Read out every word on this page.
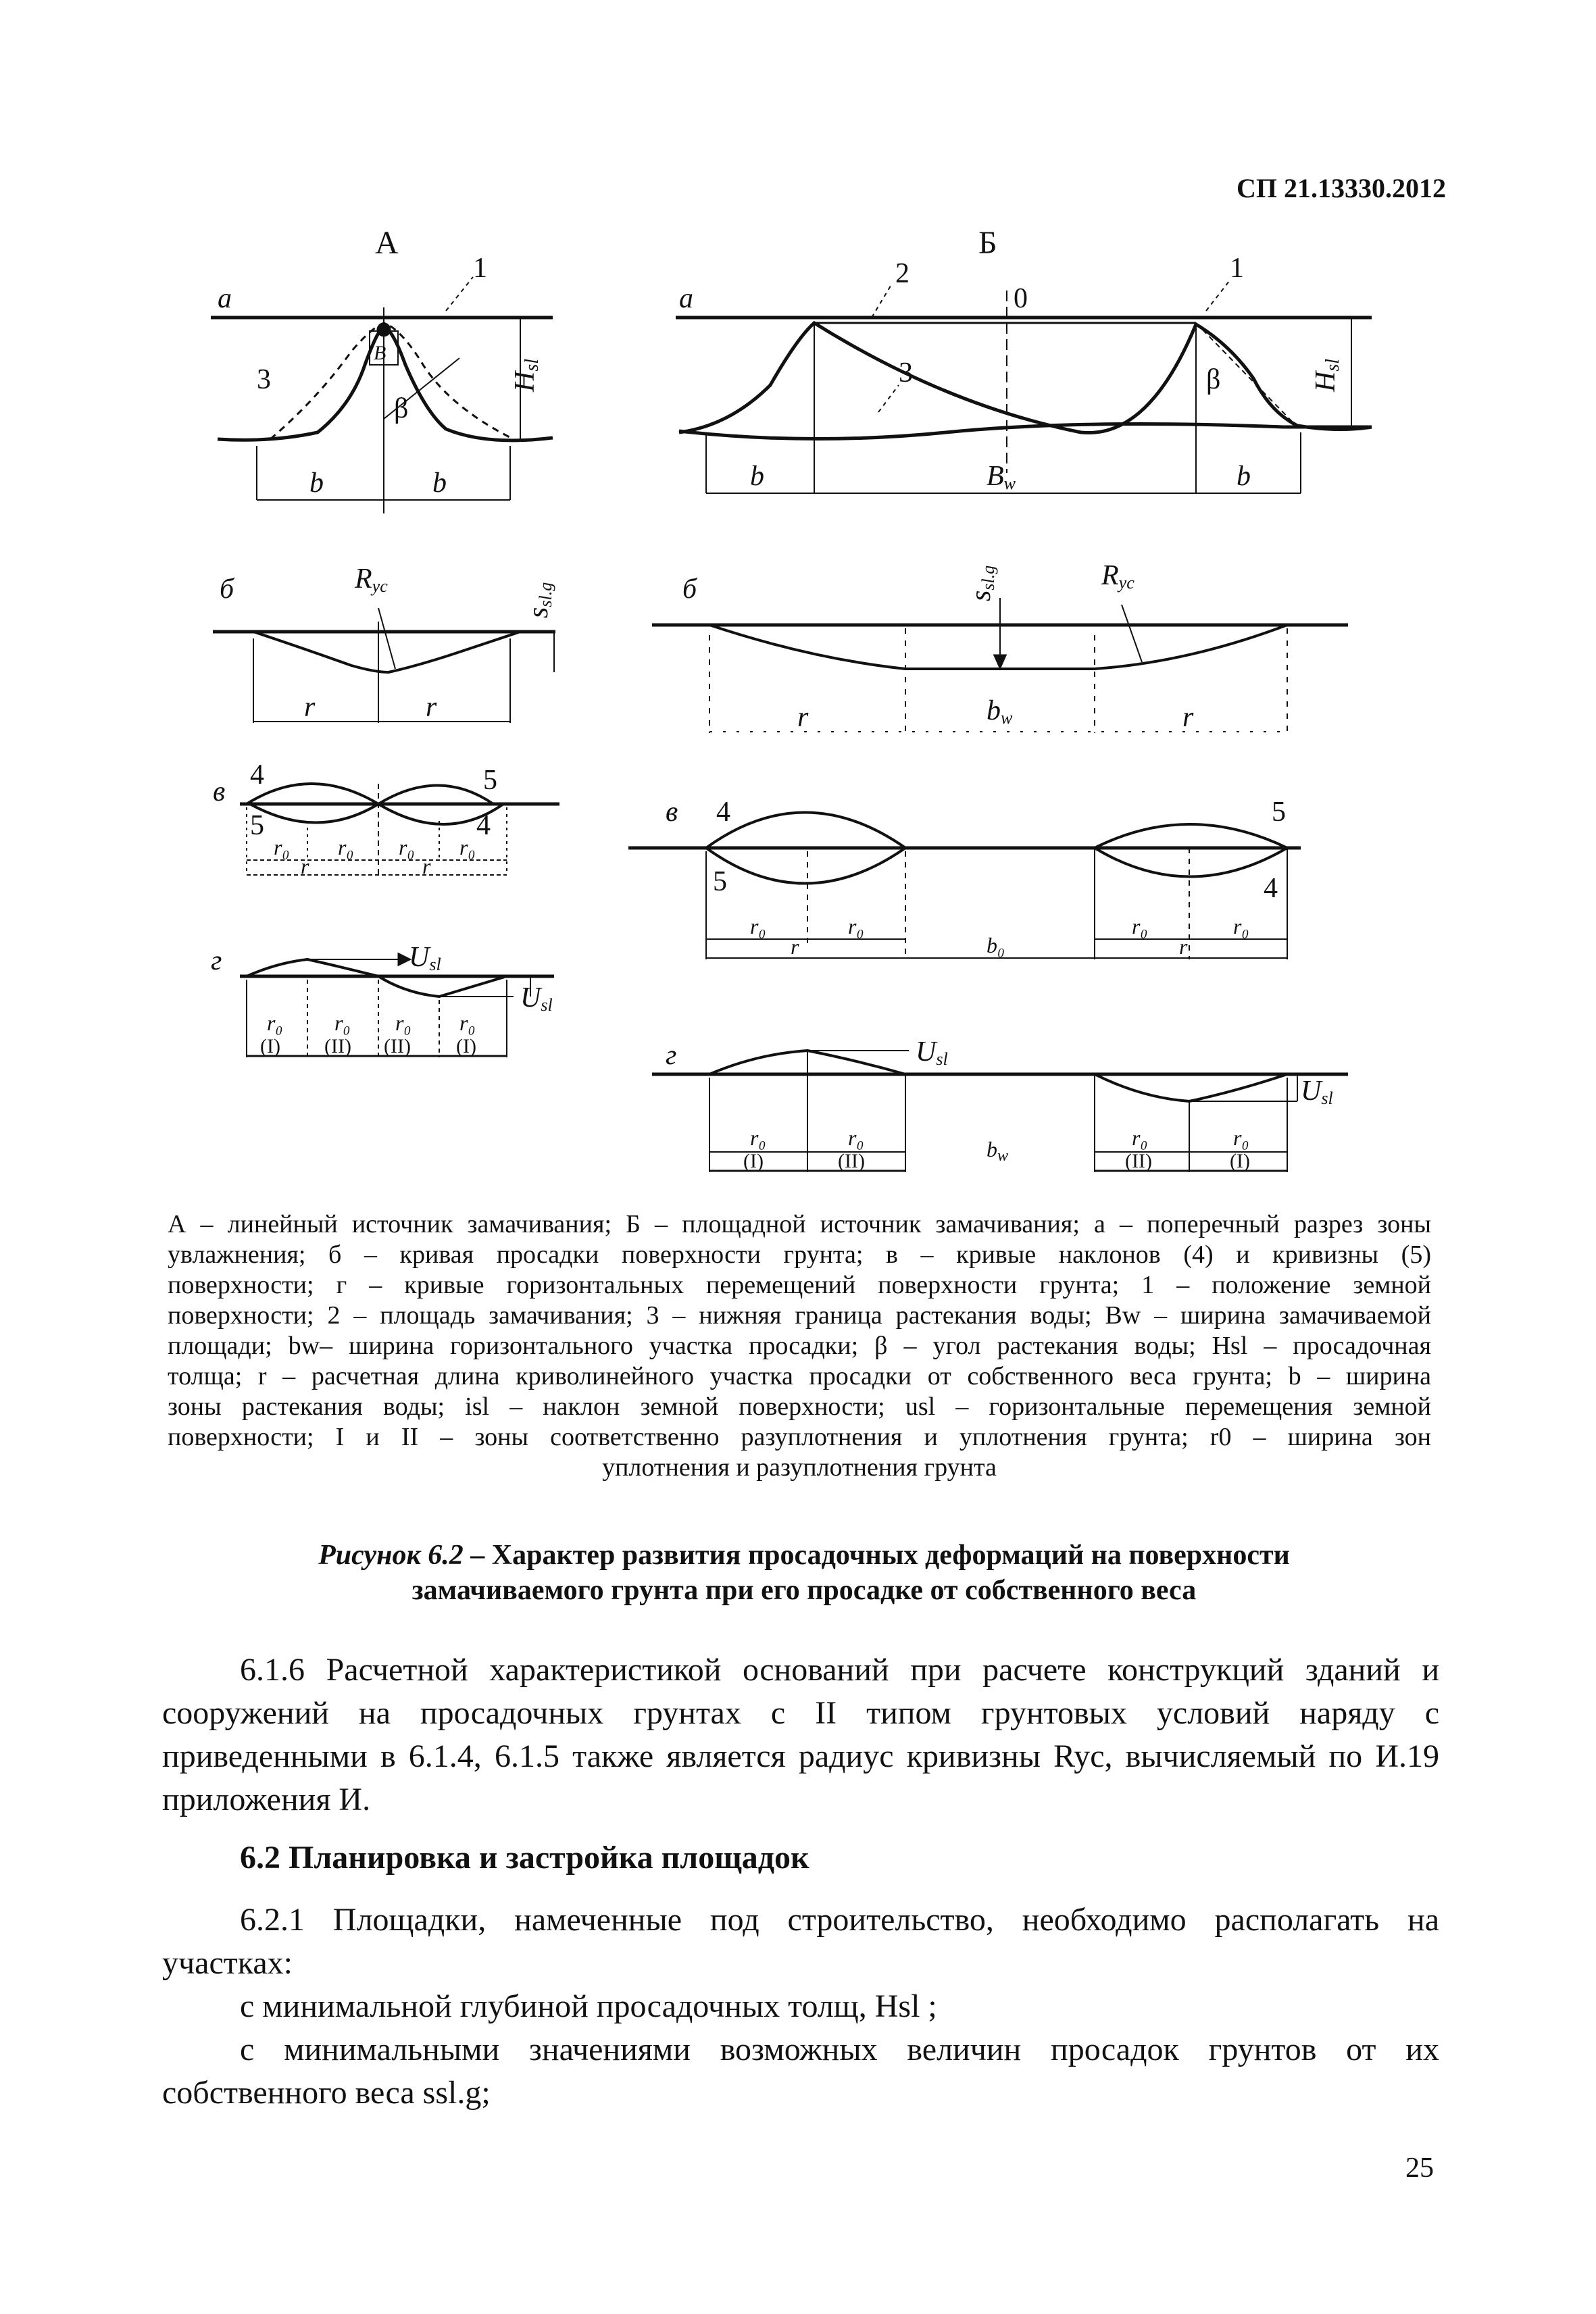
СП 21.13330.2012
А	Б
а
1
3
B
β
Hsl
b	b
а
2
0
1
3	β	Hsl
b	Bw	b
б	Ryc
ssl.g
r	r
б	ssl.g	Ryc
r	bw	r
в
4	5
5	4
r₀ r₀ r₀ r₀
r	r
в 4	5
5	4
r₀	r₀	r₀	r₀
r	b₀	r
г	Usl
Usl
r₀ r₀ r₀ r₀
(I) (II) (II) (I)	г	Usl
Usl
r₀	r₀	bw
r₀	r₀
(I)	(II)	(II)	(I)

А – линейный источник замачивания; Б – площадной источник замачивания; а – поперечный разрез зоны

увлажнения; б – кривая просадки поверхности грунта; в – кривые наклонов (4) и кривизны (5)

поверхности; г – кривые горизонтальных перемещений поверхности грунта; 1 – положение земной

поверхности; 2 – площадь замачивания; 3 – нижняя граница растекания воды; Bw – ширина замачиваемой

площади; bw– ширина горизонтального участка просадки; β – угол растекания воды; Hsl – просадочная

толща; r – расчетная длина криволинейного участка просадки от собственного веса грунта; b – ширина

зоны растекания воды; isl – наклон земной поверхности; usl – горизонтальные перемещения земной

поверхности; I и II – зоны соответственно разуплотнения и уплотнения грунта; r0 – ширина зон

уплотнения и разуплотнения грунта

Рисунок 6.2 – Характер развития просадочных деформаций на поверхности
замачиваемого грунта при его просадке от собственного веса

6.1.6 Расчетной характеристикой оснований при расчете конструкций зданий и

сооружений на просадочных грунтах с II типом грунтовых условий наряду с

приведенными в 6.1.4, 6.1.5 также является радиус кривизны Ryc, вычисляемый по И.19

приложения И.

6.2 Планировка и застройка площадок

6.2.1 Площадки, намеченные под строительство, необходимо располагать на

участках:

с минимальной глубиной просадочных толщ, Hsl ;

с минимальными значениями возможных величин просадок грунтов от их

собственного веса ssl.g;

25
